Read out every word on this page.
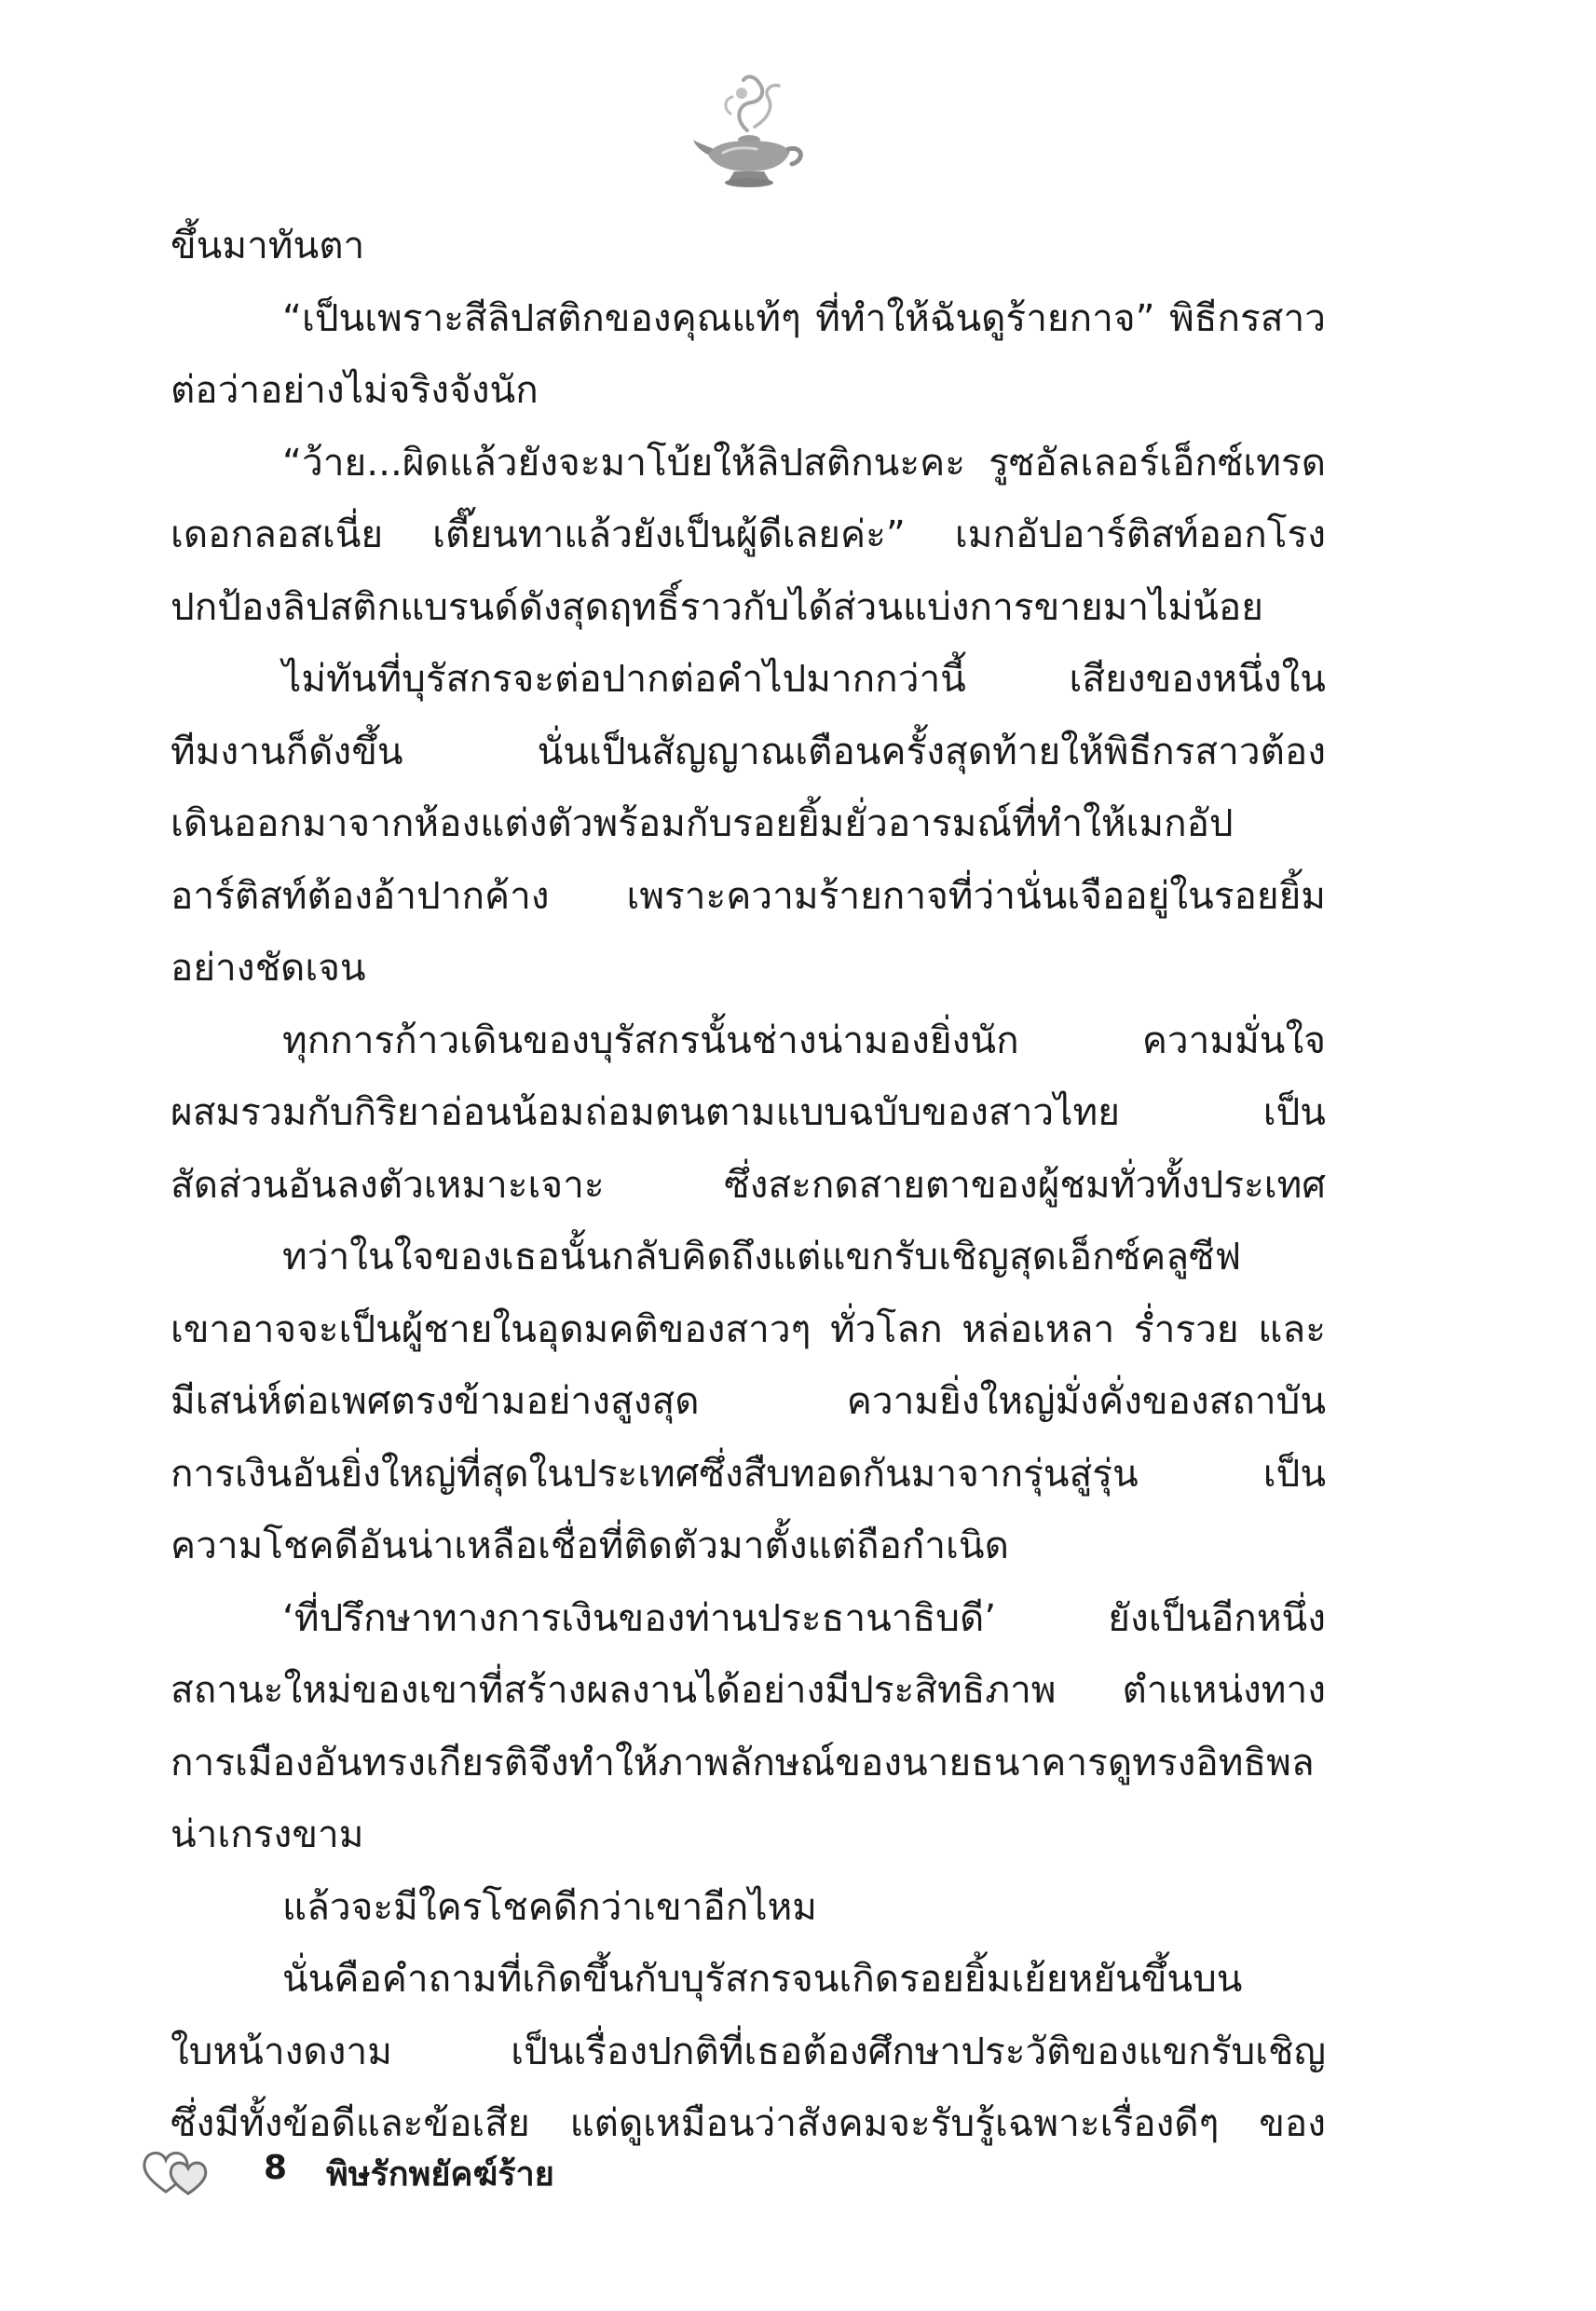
ขึ้นมาทันตา
“เป็นเพราะสีลิปสติกของคุณแท้ๆ ที่ทำให้ฉันดูร้ายกาจ” พิธีกรสาว
ต่อว่าอย่างไม่จริงจังนัก
“ว้าย...ผิดแล้วยังจะมาโบ้ยให้ลิปสติกนะคะ รูซอัลเลอร์เอ็กซ์เทรด
เดอกลอสเนี่ย เตี๊ยนทาแล้วยังเป็นผู้ดีเลยค่ะ” เมกอัปอาร์ติสท์ออกโรง
ปกป้องลิปสติกแบรนด์ดังสุดฤทธิ์ราวกับได้ส่วนแบ่งการขายมาไม่น้อย
ไม่ทันที่บุรัสกรจะต่อปากต่อคำไปมากกว่านี้ เสียงของหนึ่งใน
ทีมงานก็ดังขึ้น นั่นเป็นสัญญาณเตือนครั้งสุดท้ายให้พิธีกรสาวต้อง
เดินออกมาจากห้องแต่งตัวพร้อมกับรอยยิ้มยั่วอารมณ์ที่ทำให้เมกอัป
อาร์ติสท์ต้องอ้าปากค้าง เพราะความร้ายกาจที่ว่านั่นเจืออยู่ในรอยยิ้ม
อย่างชัดเจน
ทุกการก้าวเดินของบุรัสกรนั้นช่างน่ามองยิ่งนัก ความมั่นใจ
ผสมรวมกับกิริยาอ่อนน้อมถ่อมตนตามแบบฉบับของสาวไทย เป็น
สัดส่วนอันลงตัวเหมาะเจาะ ซึ่งสะกดสายตาของผู้ชมทั่วทั้งประเทศ
ทว่าในใจของเธอนั้นกลับคิดถึงแต่แขกรับเชิญสุดเอ็กซ์คลูซีฟ
เขาอาจจะเป็นผู้ชายในอุดมคติของสาวๆ ทั่วโลก หล่อเหลา ร่ำรวย และ
มีเสน่ห์ต่อเพศตรงข้ามอย่างสูงสุด ความยิ่งใหญ่มั่งคั่งของสถาบัน
การเงินอันยิ่งใหญ่ที่สุดในประเทศซึ่งสืบทอดกันมาจากรุ่นสู่รุ่น เป็น
ความโชคดีอันน่าเหลือเชื่อที่ติดตัวมาตั้งแต่ถือกำเนิด
‘ที่ปรึกษาทางการเงินของท่านประธานาธิบดี’ ยังเป็นอีกหนึ่ง
สถานะใหม่ของเขาที่สร้างผลงานได้อย่างมีประสิทธิภาพ ตำแหน่งทาง
การเมืองอันทรงเกียรติจึงทำให้ภาพลักษณ์ของนายธนาคารดูทรงอิทธิพล
น่าเกรงขาม
แล้วจะมีใครโชคดีกว่าเขาอีกไหม
นั่นคือคำถามที่เกิดขึ้นกับบุรัสกรจนเกิดรอยยิ้มเย้ยหยันขึ้นบน
ใบหน้างดงาม เป็นเรื่องปกติที่เธอต้องศึกษาประวัติของแขกรับเชิญ
ซึ่งมีทั้งข้อดีและข้อเสีย แต่ดูเหมือนว่าสังคมจะรับรู้เฉพาะเรื่องดีๆ ของ
8 พิษรักพยัคฆ์ร้าย
